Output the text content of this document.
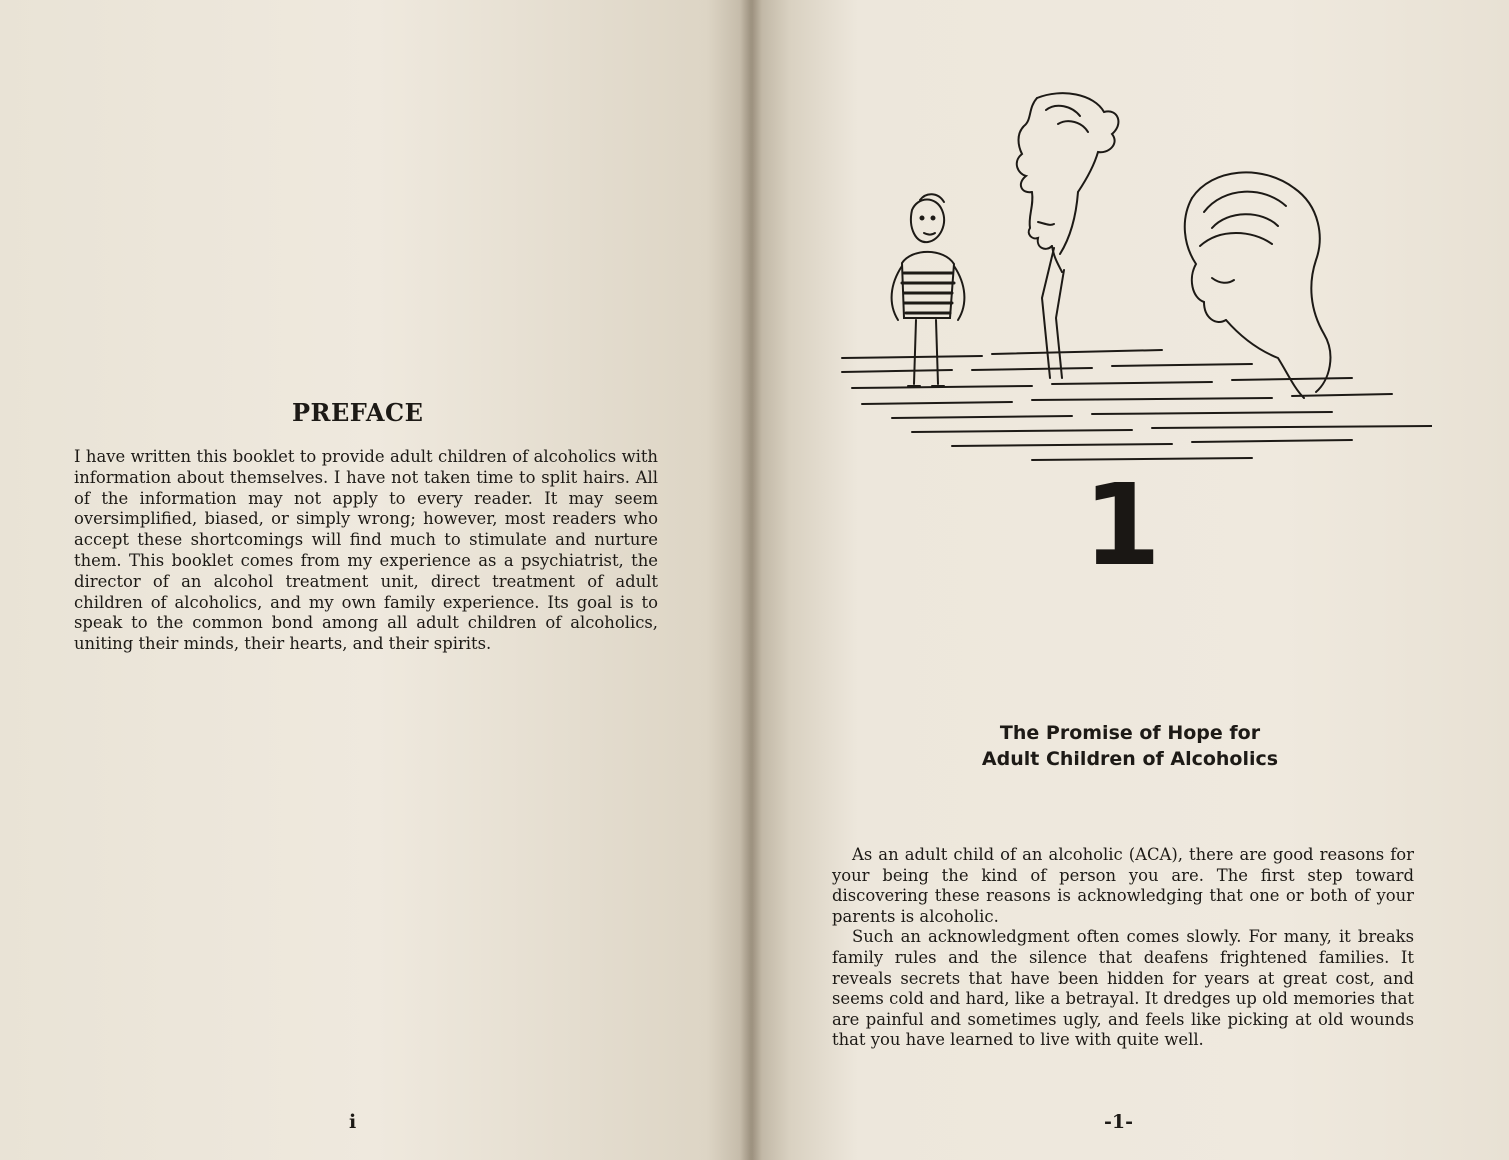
PREFACE

I have written this booklet to provide adult children of alcoholics with information about themselves. I have not taken time to split hairs. All of the information may not apply to every reader. It may seem oversimplified, biased, or simply wrong; however, most readers who accept these shortcomings will find much to stimulate and nurture them. This booklet comes from my experience as a psychiatrist, the director of an alcohol treatment unit, direct treatment of adult children of alcoholics, and my own family experience. Its goal is to speak to the common bond among all adult children of alcoholics, uniting their minds, their hearts, and their spirits.

i

1

The Promise of Hope for
Adult Children of Alcoholics

As an adult child of an alcoholic (ACA), there are good reasons for your being the kind of person you are. The first step toward discovering these reasons is acknowledging that one or both of your parents is alcoholic.

Such an acknowledgment often comes slowly. For many, it breaks family rules and the silence that deafens frightened families. It reveals secrets that have been hidden for years at great cost, and seems cold and hard, like a betrayal. It dredges up old memories that are painful and sometimes ugly, and feels like picking at old wounds that you have learned to live with quite well.

-1-
